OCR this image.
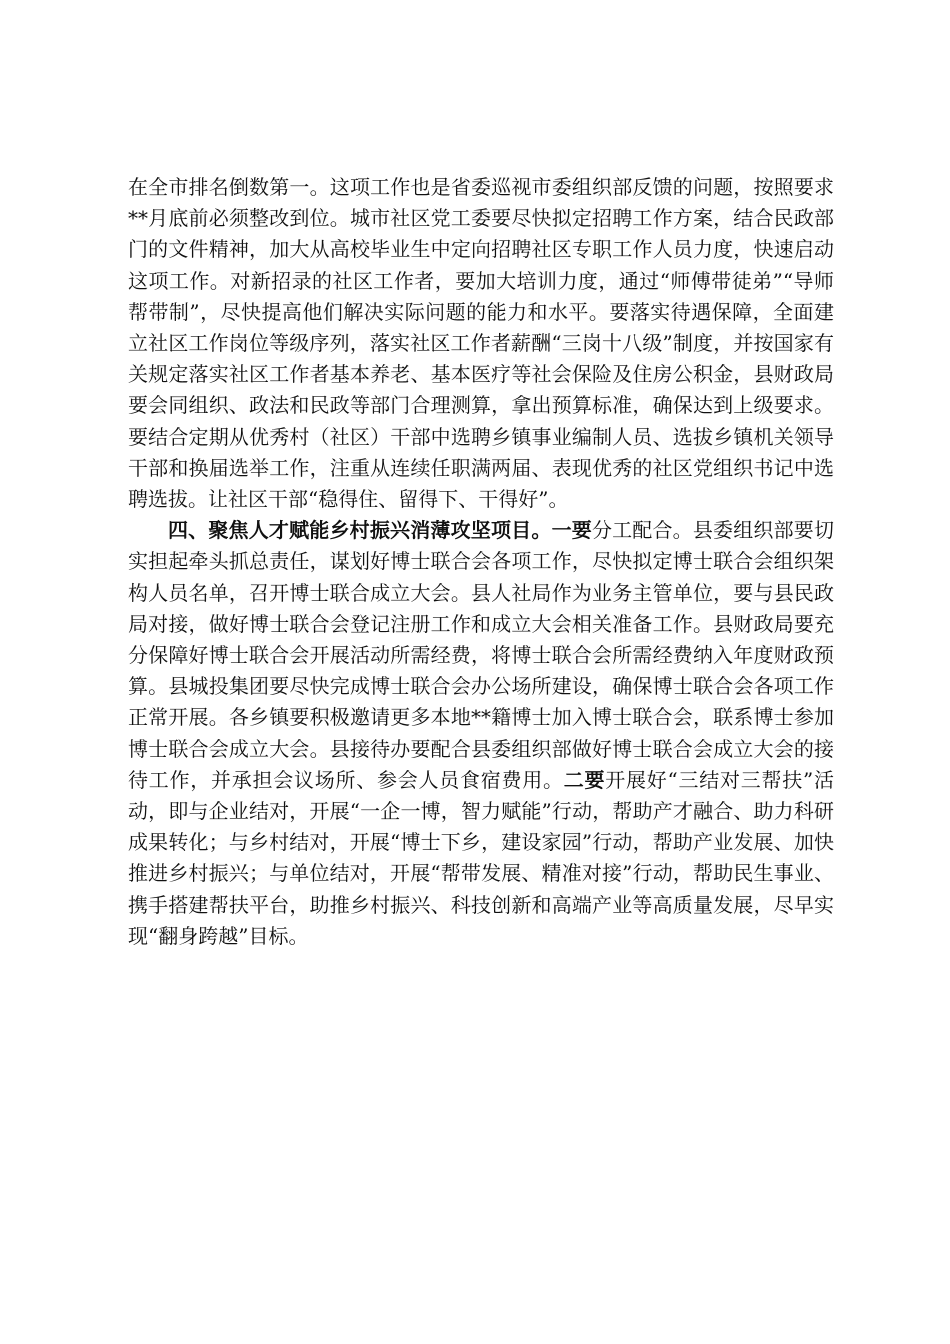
在全市排名倒数第一。这项工作也是省委巡视市委组织部反馈的问题，按照要求**月底前必须整改到位。城市社区党工委要尽快拟定招聘工作方案，结合民政部门的文件精神，加大从高校毕业生中定向招聘社区专职工作人员力度，快速启动这项工作。对新招录的社区工作者，要加大培训力度，通过“师傅带徒弟”“导师帮带制”，尽快提高他们解决实际问题的能力和水平。要落实待遇保障，全面建立社区工作岗位等级序列，落实社区工作者薪酬“三岗十八级”制度，并按国家有关规定落实社区工作者基本养老、基本医疗等社会保险及住房公积金，县财政局要会同组织、政法和民政等部门合理测算，拿出预算标准，确保达到上级要求。要结合定期从优秀村（社区）干部中选聘乡镇事业编制人员、选拔乡镇机关领导干部和换届选举工作，注重从连续任职满两届、表现优秀的社区党组织书记中选聘选拔。让社区干部“稳得住、留得下、干得好”。

四、聚焦人才赋能乡村振兴消薄攻坚项目。一要分工配合。县委组织部要切实担起牵头抓总责任，谋划好博士联合会各项工作，尽快拟定博士联合会组织架构人员名单，召开博士联合成立大会。县人社局作为业务主管单位，要与县民政局对接，做好博士联合会登记注册工作和成立大会相关准备工作。县财政局要充分保障好博士联合会开展活动所需经费，将博士联合会所需经费纳入年度财政预算。县城投集团要尽快完成博士联合会办公场所建设，确保博士联合会各项工作正常开展。各乡镇要积极邀请更多本地**籍博士加入博士联合会，联系博士参加博士联合会成立大会。县接待办要配合县委组织部做好博士联合会成立大会的接待工作，并承担会议场所、参会人员食宿费用。二要开展好“三结对三帮扶”活动，即与企业结对，开展“一企一博，智力赋能”行动，帮助产才融合、助力科研成果转化；与乡村结对，开展“博士下乡，建设家园”行动，帮助产业发展、加快推进乡村振兴；与单位结对，开展“帮带发展、精准对接”行动，帮助民生事业、携手搭建帮扶平台，助推乡村振兴、科技创新和高端产业等高质量发展，尽早实现“翻身跨越”目标。
